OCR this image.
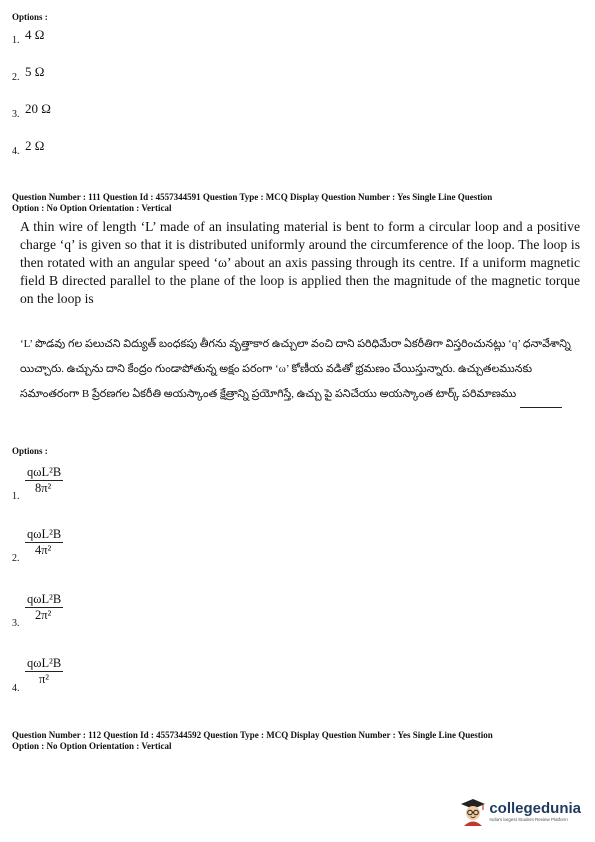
Options :
1. 4 Ω
2. 5 Ω
3. 20 Ω
4. 2 Ω
Question Number : 111 Question Id : 4557344591 Question Type : MCQ Display Question Number : Yes Single Line Question
Option : No Option Orientation : Vertical
A thin wire of length ‘L’ made of an insulating material is bent to form a circular loop and a positive charge ‘q’ is given so that it is distributed uniformly around the circumference of the loop. The loop is then rotated with an angular speed ‘ω’ about an axis passing through its centre. If a uniform magnetic field B directed parallel to the plane of the loop is applied then the magnitude of the magnetic torque on the loop is
‘L’ పొడవు గల పలుచని విద్యుత్ బంధకపు తీగను వృత్తాకార ఉచ్చులా వంచి దాని పరిధిమేరా ఏకరీతిగా విస్తరించునట్లు ‘q’ ధనావేశాన్ని యిచ్చారు. ఉచ్చును దాని కేంద్రం గుండాపోతున్న అక్షం పరంగా ‘ω’ కోణీయ వడితో భ్రమణం చేయిస్తున్నారు. ఉచ్చుతలమునకు సమాంతరంగా B ప్రేరణగల ఏకరీతి అయస్కాంత క్షేత్రాన్ని ప్రయోగిస్తే, ఉచ్చు పై పనిచేయు అయస్కాంత టార్క్ పరిమాణము
Options :
1.
qωL²B
8π²
2.
qωL²B
4π²
3.
qωL²B
2π²
4.
qωL²B
π²
Question Number : 112 Question Id : 4557344592 Question Type : MCQ Display Question Number : Yes Single Line Question
Option : No Option Orientation : Vertical
collegedunia
India's largest Student Review Platform
